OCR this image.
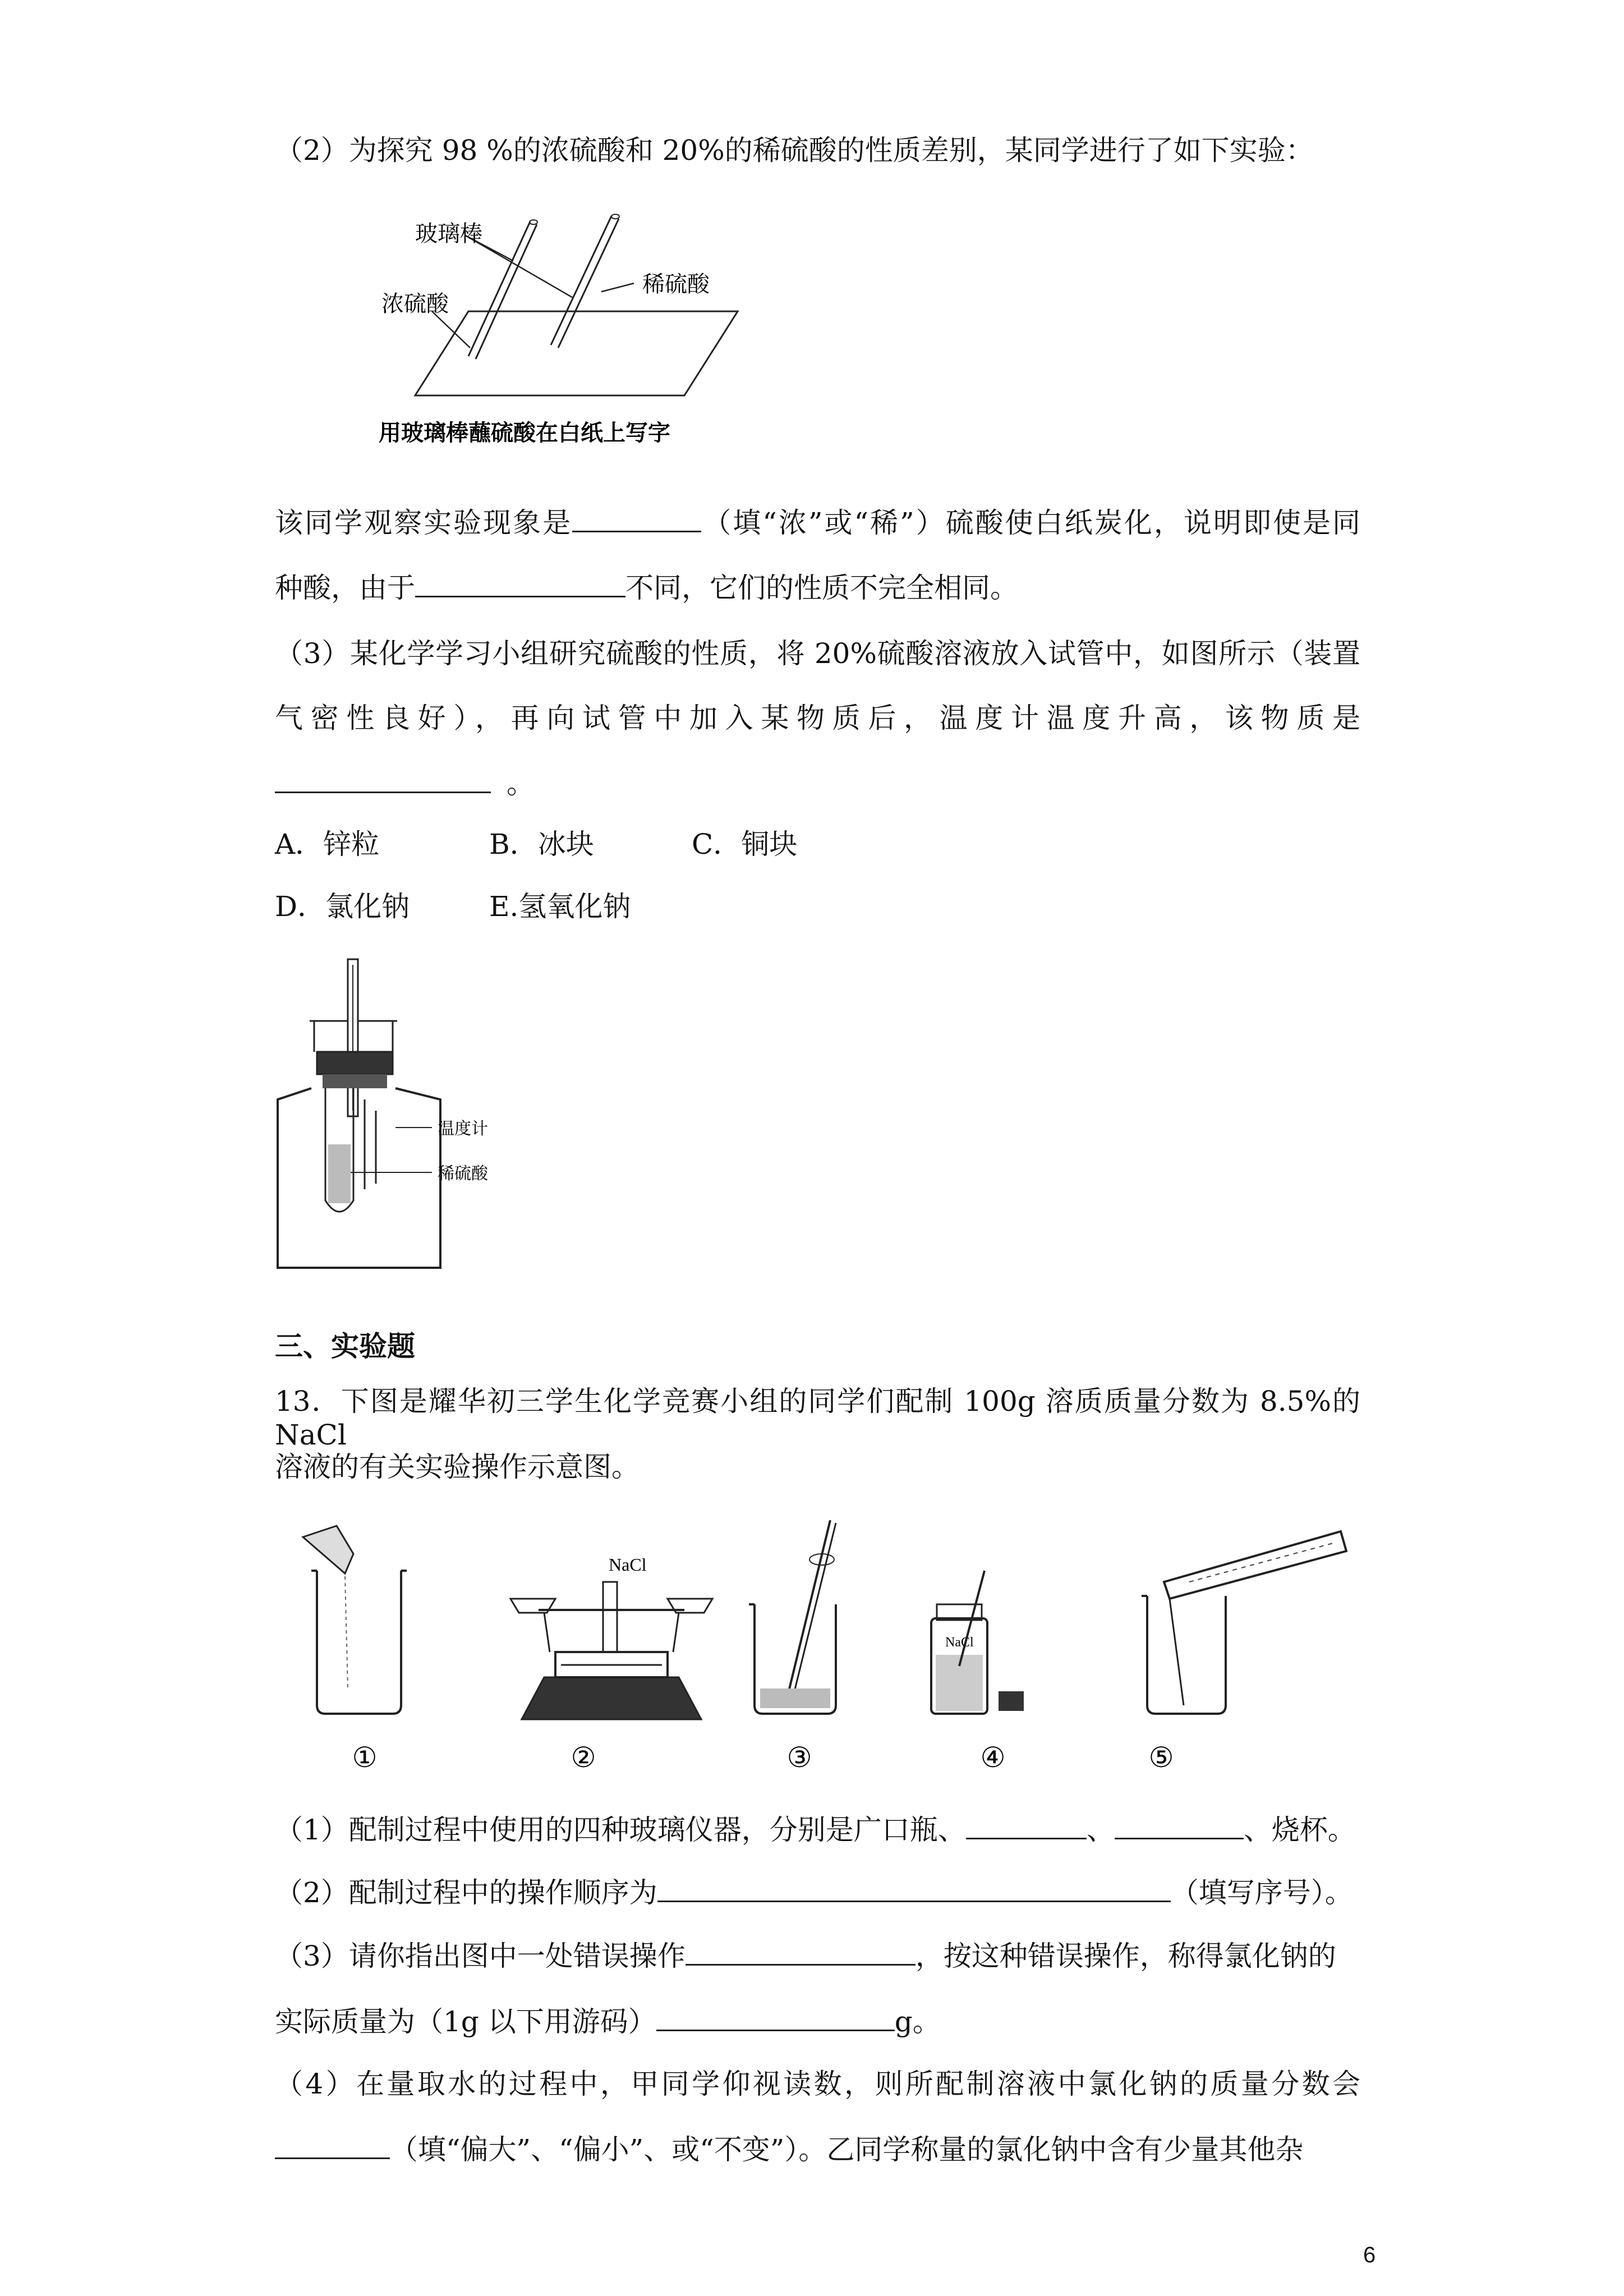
（2）为探究 98 %的浓硫酸和 20%的稀硫酸的性质差别，某同学进行了如下实验：
玻璃棒
浓硫酸
稀硫酸
用玻璃棒蘸硫酸在白纸上写字
该同学观察实验现象是	（填“浓”或“稀”）硫酸使白纸炭化，说明即使是同
种酸，由于	不同，它们的性质不完全相同。
（3）某化学学习小组研究硫酸的性质，将 20%硫酸溶液放入试管中，如图所示（装置
气密性良好），再向试管中加入某物质后，温度计温度升高，该物质是
。
A．锌粒	B．冰块	C．铜块
D．氯化钠	E.氢氧化钠
温度计
稀硫酸
三、实验题
13．下图是耀华初三学生化学竞赛小组的同学们配制 100g 溶质质量分数为 8.5%的 NaCl
溶液的有关实验操作示意图。
NaCl
NaCl
①	②	③	④	⑤
（1）配制过程中使用的四种玻璃仪器，分别是广口瓶、	、	、烧杯。
（2）配制过程中的操作顺序为	（填写序号）。
（3）请你指出图中一处错误操作	，按这种错误操作，称得氯化钠的
实际质量为（1g 以下用游码）	g。
（4）在量取水的过程中，甲同学仰视读数，则所配制溶液中氯化钠的质量分数会
（填“偏大”、“偏小”、或“不变”）。乙同学称量的氯化钠中含有少量其他杂
6
